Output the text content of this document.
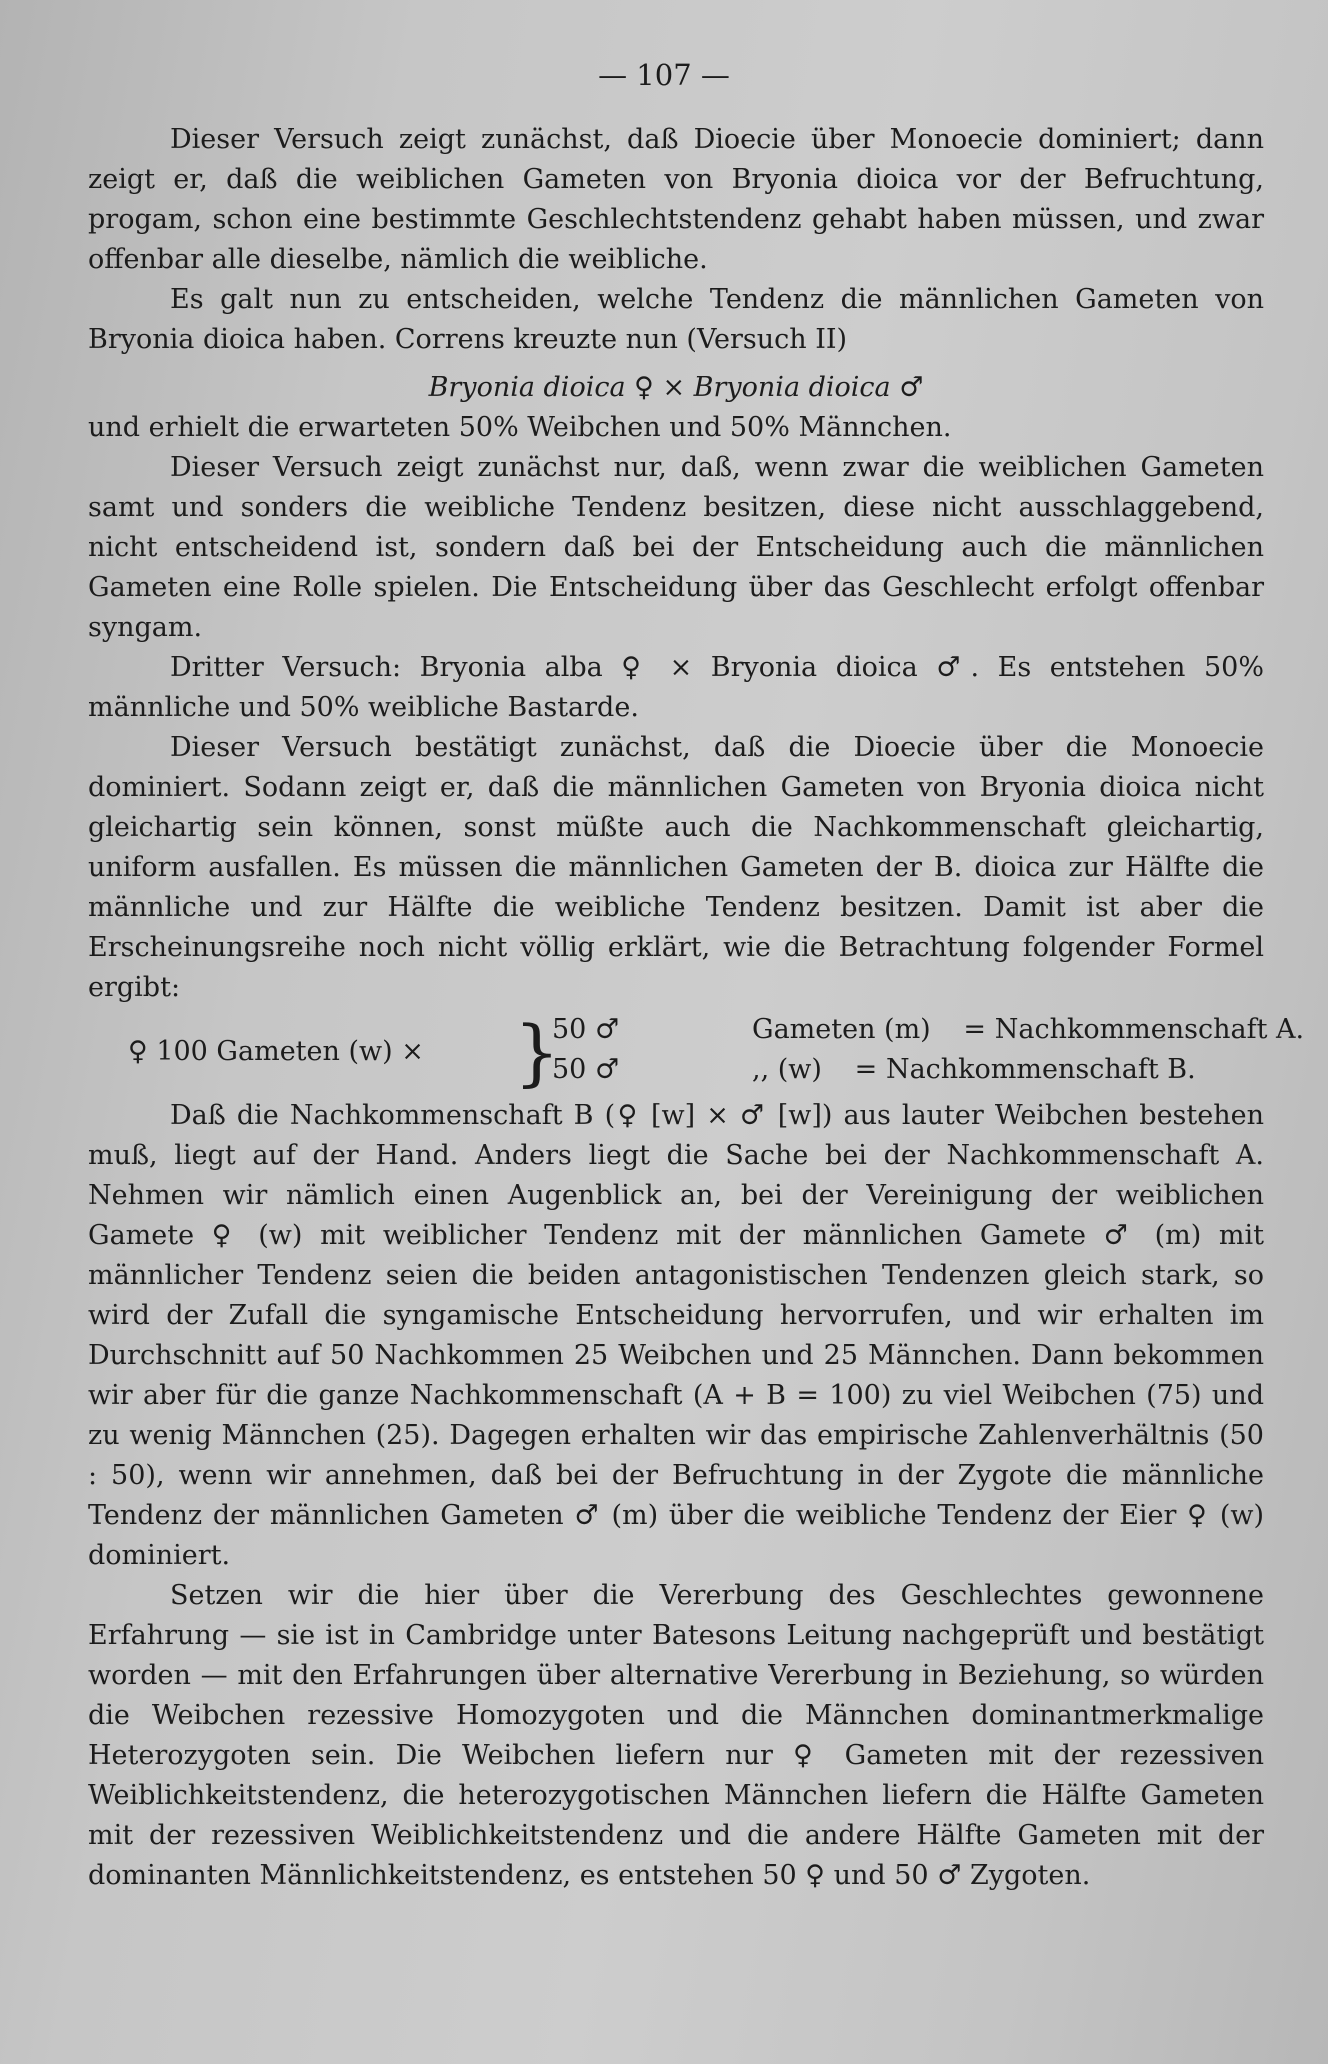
— 107 —

Dieser Versuch zeigt zunächst, daß Dioecie über Monoecie dominiert; dann zeigt er, daß die weiblichen Gameten von Bryonia dioica vor der Befruchtung, progam, schon eine bestimmte Geschlechtstendenz gehabt haben müssen, und zwar offenbar alle dieselbe, nämlich die weibliche.

Es galt nun zu entscheiden, welche Tendenz die männlichen Gameten von Bryonia dioica haben. Correns kreuzte nun (Versuch II)

Bryonia dioica ♀ × Bryonia dioica ♂

und erhielt die erwarteten 50% Weibchen und 50% Männchen.

Dieser Versuch zeigt zunächst nur, daß, wenn zwar die weiblichen Gameten samt und sonders die weibliche Tendenz besitzen, diese nicht ausschlaggebend, nicht entscheidend ist, sondern daß bei der Entscheidung auch die männlichen Gameten eine Rolle spielen. Die Entscheidung über das Geschlecht erfolgt offenbar syngam.

Dritter Versuch: Bryonia alba ♀ × Bryonia dioica ♂. Es entstehen 50% männliche und 50% weibliche Bastarde.

Dieser Versuch bestätigt zunächst, daß die Dioecie über die Monoecie dominiert. Sodann zeigt er, daß die männlichen Gameten von Bryonia dioica nicht gleichartig sein können, sonst müßte auch die Nachkommenschaft gleichartig, uniform ausfallen. Es müssen die männlichen Gameten der B. dioica zur Hälfte die männliche und zur Hälfte die weibliche Tendenz besitzen. Damit ist aber die Erscheinungsreihe noch nicht völlig erklärt, wie die Betrachtung folgender Formel ergibt:

♀ 100 Gameten (w) × }
50 ♂	Gameten (m) = Nachkommenschaft A.
50 ♂	,, (w) = Nachkommenschaft B.

Daß die Nachkommenschaft B (♀ [w] × ♂ [w]) aus lauter Weibchen bestehen muß, liegt auf der Hand. Anders liegt die Sache bei der Nachkommenschaft A. Nehmen wir nämlich einen Augenblick an, bei der Vereinigung der weiblichen Gamete ♀ (w) mit weiblicher Tendenz mit der männlichen Gamete ♂ (m) mit männlicher Tendenz seien die beiden antagonistischen Tendenzen gleich stark, so wird der Zufall die syngamische Entscheidung hervorrufen, und wir erhalten im Durchschnitt auf 50 Nachkommen 25 Weibchen und 25 Männchen. Dann bekommen wir aber für die ganze Nachkommenschaft (A + B = 100) zu viel Weibchen (75) und zu wenig Männchen (25). Dagegen erhalten wir das empirische Zahlenverhältnis (50 : 50), wenn wir annehmen, daß bei der Befruchtung in der Zygote die männliche Tendenz der männlichen Gameten ♂ (m) über die weibliche Tendenz der Eier ♀ (w) dominiert.

Setzen wir die hier über die Vererbung des Geschlechtes gewonnene Erfahrung — sie ist in Cambridge unter Batesons Leitung nachgeprüft und bestätigt worden — mit den Erfahrungen über alternative Vererbung in Beziehung, so würden die Weibchen rezessive Homozygoten und die Männchen dominantmerkmalige Heterozygoten sein. Die Weibchen liefern nur ♀ Gameten mit der rezessiven Weiblichkeitstendenz, die heterozygotischen Männchen liefern die Hälfte Gameten mit der rezessiven Weiblichkeitstendenz und die andere Hälfte Gameten mit der dominanten Männlichkeitstendenz, es entstehen 50 ♀ und 50 ♂ Zygoten.
